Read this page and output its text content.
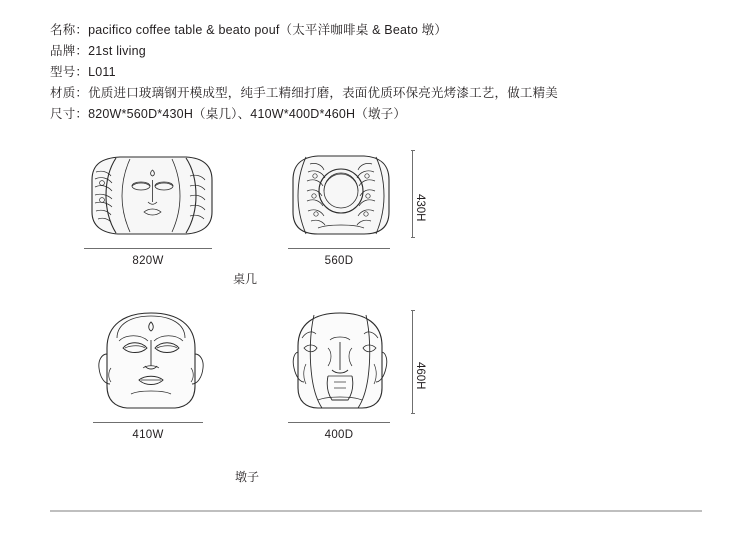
名称：pacifico coffee table & beato pouf（太平洋咖啡桌 & Beato 墩）
品牌：21st living
型号：L011
材质：优质进口玻璃钢开模成型，纯手工精细打磨，表面优质环保亮光烤漆工艺，做工精美
尺寸：820W*560D*430H（桌几）、410W*400D*460H（墩子）
820W	560D
430H
桌几
410W	400D
460H
墩子
